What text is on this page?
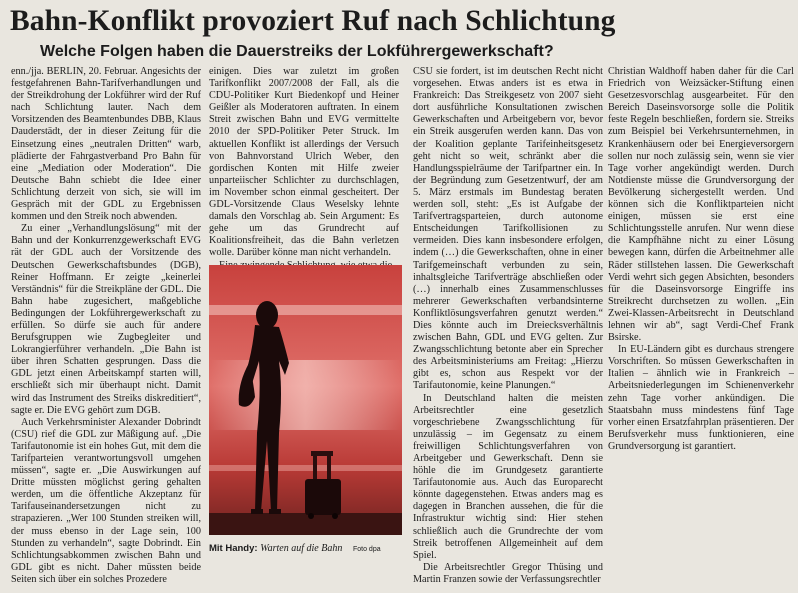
Bahn-Konflikt provoziert Ruf nach Schlichtung
Welche Folgen haben die Dauerstreiks der Lokführergewerkschaft?

enn./jja. BERLIN, 20. Februar. Angesichts der festgefahrenen Bahn-Tarifverhandlungen und der Streikdrohung der Lokführer wird der Ruf nach Schlichtung lauter. Nach dem Vorsitzenden des Beamtenbundes DBB, Klaus Dauderstädt, der in dieser Zeitung für die Einsetzung eines „neutralen Dritten“ warb, plädierte der Fahrgastverband Pro Bahn für eine „Mediation oder Moderation“. Die Deutsche Bahn schiebt die Idee einer Schlichtung derzeit von sich, sie will im Gespräch mit der GDL zu Ergebnissen kommen und den Streik noch abwenden.

Zu einer „Verhandlungslösung“ mit der Bahn und der Konkurrenzgewerkschaft EVG rät der GDL auch der Vorsitzende des Deutschen Gewerkschaftsbundes (DGB), Reiner Hoffmann. Er zeigte „keinerlei Verständnis“ für die Streikpläne der GDL. Die Bahn habe zugesichert, maßgebliche Bedingungen der Lokführergewerkschaft zu erfüllen. So dürfe sie auch für andere Berufsgruppen wie Zugbegleiter und Lokrangierführer verhandeln. „Die Bahn ist über ihren Schatten gesprungen. Dass die GDL jetzt einen Arbeitskampf starten will, erschließt sich mir überhaupt nicht. Damit wird das Instrument des Streiks diskreditiert“, sagte er. Die EVG gehört zum DGB.

Auch Verkehrsminister Alexander Dobrindt (CSU) rief die GDL zur Mäßigung auf. „Die Tarifautonomie ist ein hohes Gut, mit dem die Tarifparteien verantwortungsvoll umgehen müssen“, sagte er. „Die Auswirkungen auf Dritte müssten möglichst gering gehalten werden, um die öffentliche Akzeptanz für Tarifauseinandersetzungen nicht zu strapazieren. „Wer 100 Stunden streiken will, der muss ebenso in der Lage sein, 100 Stunden zu verhandeln“, sagte Dobrindt. Ein Schlichtungsabkommen zwischen Bahn und GDL gibt es nicht. Daher müssten beide Seiten sich über ein solches Prozedere

einigen. Dies war zuletzt im großen Tarifkonflikt 2007/2008 der Fall, als die CDU-Politiker Kurt Biedenkopf und Heiner Geißler als Moderatoren auftraten. In einem Streit zwischen Bahn und EVG vermittelte 2010 der SPD-Politiker Peter Struck. Im aktuellen Konflikt ist allerdings der Versuch von Bahnvorstand Ulrich Weber, den gordischen Konten mit Hilfe zweier unparteiischer Schlichter zu durchschlagen, im November schon einmal gescheitert. Der GDL-Vorsitzende Claus Weselsky lehnte damals den Vorschlag ab. Sein Argument: Es gehe um das Grundrecht auf Koalitionsfreiheit, das die Bahn verletzen wolle. Darüber könne man nicht verhandeln.

Mit Handy: Warten auf die Bahn Foto dpa

CSU sie fordert, ist im deutschen Recht nicht vorgesehen. Etwas anders ist es etwa in Frankreich: Das Streikgesetz von 2007 sieht dort ausführliche Konsultationen zwischen Gewerkschaften und Arbeitgebern vor, bevor ein Streik ausgerufen werden kann. Das von der Koalition geplante Tarifeinheitsgesetz geht nicht so weit, schränkt aber die Handlungsspielräume der Tarifpartner ein. In der Begründung zum Gesetzentwurf, der am 5. März erstmals im Bundestag beraten werden soll, steht: „Es ist Aufgabe der Tarifvertragsparteien, durch autonome Entscheidungen Tarifkollisionen zu vermeiden. Dies kann insbesondere erfolgen, indem (…) die Gewerkschaften, ohne in einer Tarifgemeinschaft verbunden zu sein, inhaltsgleiche Tarifverträge abschließen oder (…) innerhalb eines Zusammenschlusses mehrerer Gewerkschaften verbandsinterne Konfliktlösungsverfahren genutzt werden.“ Dies könnte auch im Dreiecksverhältnis zwischen Bahn, GDL und EVG gelten. Zur Zwangsschlichtung betonte aber ein Sprecher des Arbeitsministeriums am Freitag: „Hierzu gibt es, schon aus Respekt vor der Tarifautonomie, keine Planungen.“

In Deutschland halten die meisten Arbeitsrechtler eine gesetzlich vorgeschriebene Zwangsschlichtung für unzulässig – im Gegensatz zu einem freiwilligen Schlichtungsverfahren von Arbeitgeber und Gewerkschaft. Denn sie höhle die im Grundgesetz garantierte Tarifautonomie aus. Auch das Europarecht könnte dagegenstehen. Etwas anders mag es dagegen in Branchen aussehen, die für die Infrastruktur wichtig sind: Hier stehen schließlich auch die Grundrechte der vom Streik betroffenen Allgemeinheit auf dem Spiel.

Die Arbeitsrechtler Gregor Thüsing und Martin Franzen sowie der Verfassungsrechtler

Christian Waldhoff haben daher für die Carl Friedrich von Weizsäcker-Stiftung einen Gesetzesvorschlag ausgearbeitet. Für den Bereich Daseinsvorsorge solle die Politik feste Regeln beschließen, fordern sie. Streiks zum Beispiel bei Verkehrsunternehmen, in Krankenhäusern oder bei Energieversorgern sollen nur noch zulässig sein, wenn sie vier Tage vorher angekündigt werden. Durch Notdienste müsse die Grundversorgung der Bevölkerung sichergestellt werden. Und können sich die Konfliktparteien nicht einigen, müssen sie erst eine Schlichtungsstelle anrufen. Nur wenn diese die Kampfhähne nicht zu einer Lösung bewegen kann, dürfen die Arbeitnehmer alle Räder stillstehen lassen. Die Gewerkschaft Verdi wehrt sich gegen Absichten, besonders für die Daseinsvorsorge Eingriffe ins Streikrecht durchsetzen zu wollen. „Ein Zwei-Klassen-Arbeitsrecht in Deutschland lehnen wir ab“, sagt Verdi-Chef Frank Bsirske.

In EU-Ländern gibt es durchaus strengere Vorschriften. So müssen Gewerkschaften in Italien – ähnlich wie in Frankreich – Arbeitsniederlegungen im Schienenverkehr zehn Tage vorher ankündigen. Die Staatsbahn muss mindestens fünf Tage vorher einen Ersatzfahrplan präsentieren. Der Berufsverkehr muss funktionieren, eine Grundversorgung ist garantiert.
